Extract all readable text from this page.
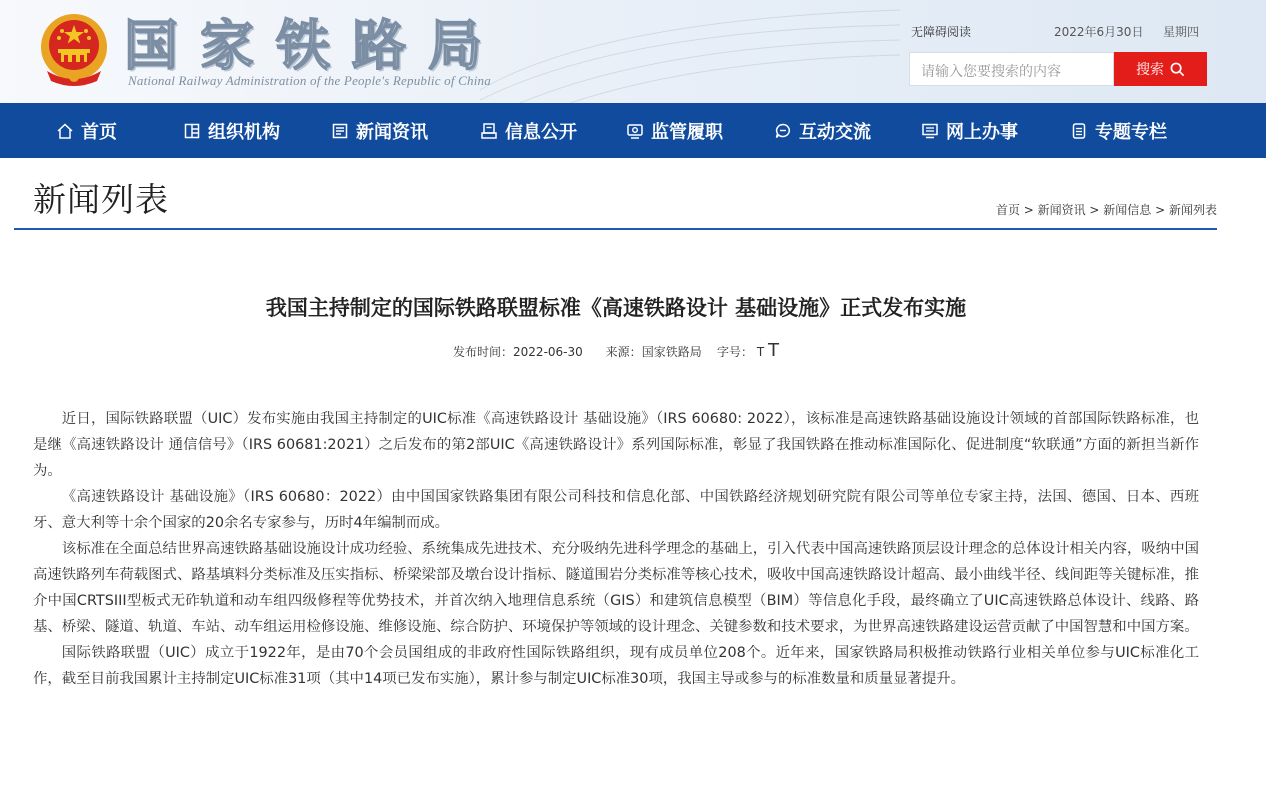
国家铁路局
National Railway Administration of the People's Republic of China
无障碍阅读	2022年6月30日 星期四
请输入您要搜索的内容	搜索
首页	组织机构	新闻资讯	信息公开	监管履职	互动交流	网上办事	专题专栏
新闻列表	首页 > 新闻资讯 > 新闻信息 > 新闻列表
我国主持制定的国际铁路联盟标准《高速铁路设计 基础设施》正式发布实施
发布时间：2022-06-30 来源：国家铁路局 字号： T T

近日，国际铁路联盟（UIC）发布实施由我国主持制定的UIC标准《高速铁路设计 基础设施》（IRS 60680: 2022），该标准是高速铁路基础设施设计领域的首部国际铁路标准，也是继《高速铁路设计 通信信号》（IRS 60681:2021）之后发布的第2部UIC《高速铁路设计》系列国际标准，彰显了我国铁路在推动标准国际化、促进制度“软联通”方面的新担当新作为。

《高速铁路设计 基础设施》（IRS 60680：2022）由中国国家铁路集团有限公司科技和信息化部、中国铁路经济规划研究院有限公司等单位专家主持，法国、德国、日本、西班牙、意大利等十余个国家的20余名专家参与，历时4年编制而成。

该标准在全面总结世界高速铁路基础设施设计成功经验、系统集成先进技术、充分吸纳先进科学理念的基础上，引入代表中国高速铁路顶层设计理念的总体设计相关内容，吸纳中国高速铁路列车荷载图式、路基填料分类标准及压实指标、桥梁梁部及墩台设计指标、隧道围岩分类标准等核心技术，吸收中国高速铁路设计超高、最小曲线半径、线间距等关键标准，推介中国CRTSIII型板式无砟轨道和动车组四级修程等优势技术，并首次纳入地理信息系统（GIS）和建筑信息模型（BIM）等信息化手段，最终确立了UIC高速铁路总体设计、线路、路基、桥梁、隧道、轨道、车站、动车组运用检修设施、维修设施、综合防护、环境保护等领域的设计理念、关键参数和技术要求，为世界高速铁路建设运营贡献了中国智慧和中国方案。

国际铁路联盟（UIC）成立于1922年，是由70个会员国组成的非政府性国际铁路组织，现有成员单位208个。近年来，国家铁路局积极推动铁路行业相关单位参与UIC标准化工作，截至目前我国累计主持制定UIC标准31项（其中14项已发布实施），累计参与制定UIC标准30项，我国主导或参与的标准数量和质量显著提升。
